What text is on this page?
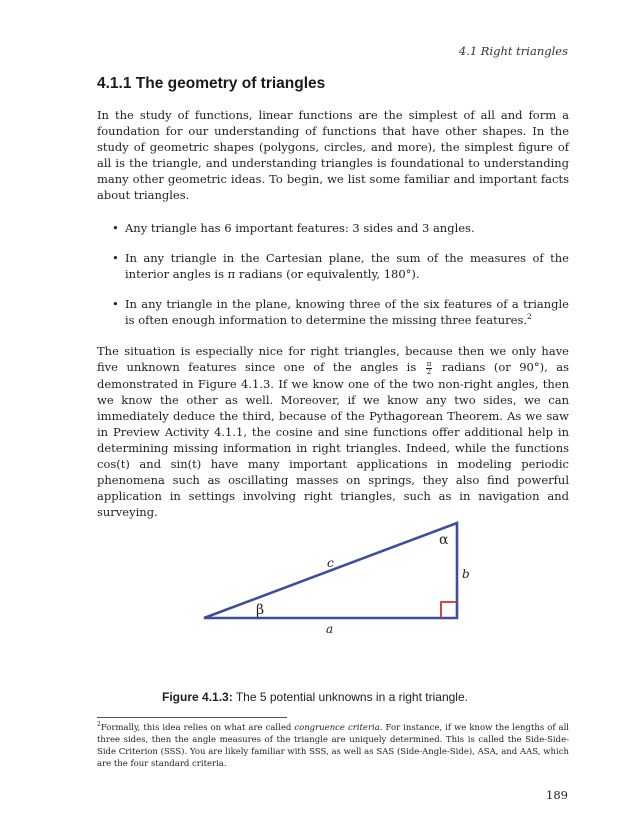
4.1 Right triangles
4.1.1 The geometry of triangles

In the study of functions, linear functions are the simplest of all and form a foundation for our understanding of functions that have other shapes. In the study of geometric shapes (polygons, circles, and more), the simplest figure of all is the triangle, and understanding triangles is foundational to understanding many other geometric ideas. To begin, we list some familiar and important facts about triangles.

• Any triangle has 6 important features: 3 sides and 3 angles.
• In any triangle in the Cartesian plane, the sum of the measures of the interior angles is π radians (or equivalently, 180°).
• In any triangle in the plane, knowing three of the six features of a triangle is often enough information to determine the missing three features.$^2$

The situation is especially nice for right triangles, because then we only have five unknown features since one of the angles is $\frac{\pi}{2}$ radians (or 90°), as demonstrated in Figure 4.1.3. If we know one of the two non-right angles, then we know the other as well. Moreover, if we know any two sides, we can immediately deduce the third, because of the Pythagorean Theorem. As we saw in Preview Activity 4.1.1, the cosine and sine functions offer additional help in determining missing information in right triangles. Indeed, while the functions cos(t) and sin(t) have many important applications in modeling periodic phenomena such as oscillating masses on springs, they also find powerful application in settings involving right triangles, such as in navigation and surveying.

α
β
c
b
a

Figure 4.1.3: The 5 potential unknowns in a right triangle.

$^2$Formally, this idea relies on what are called congruence criteria. For instance, if we know the lengths of all three sides, then the angle measures of the triangle are uniquely determined. This is called the Side-Side-Side Criterion (SSS). You are likely familiar with SSS, as well as SAS (Side-Angle-Side), ASA, and AAS, which are the four standard criteria.

189
